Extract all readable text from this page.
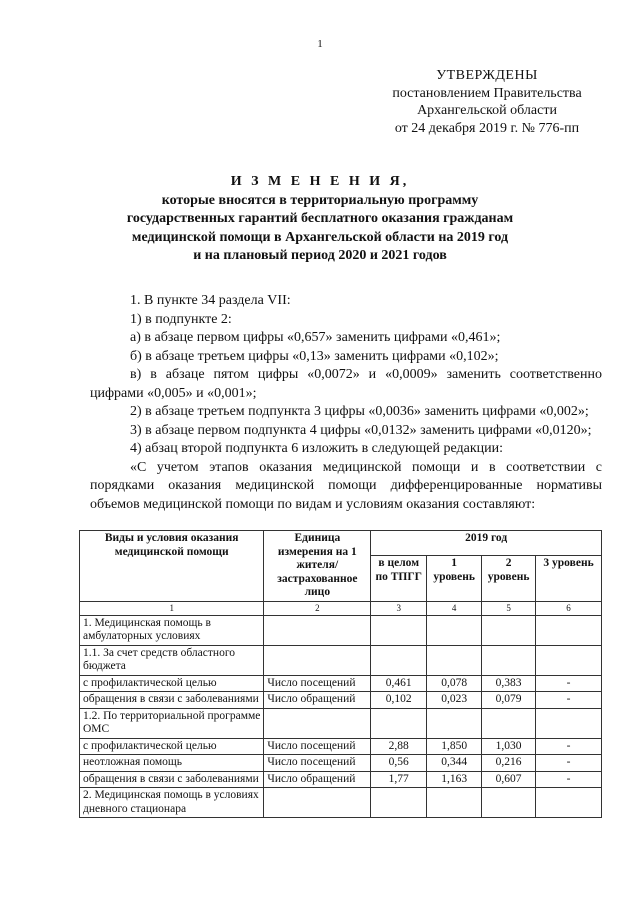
1
УТВЕРЖДЕНЫ
постановлением Правительства
Архангельской области
от 24 декабря 2019 г. № 776-пп
И З М Е Н Е Н И Я,
которые вносятся в территориальную программу
государственных гарантий бесплатного оказания гражданам
медицинской помощи в Архангельской области на 2019 год
и на плановый период 2020 и 2021 годов

1. В пункте 34 раздела VII:

1) в подпункте 2:

а) в абзаце первом цифры «0,657» заменить цифрами «0,461»;

б) в абзаце третьем цифры «0,13» заменить цифрами «0,102»;

в) в абзаце пятом цифры «0,0072» и «0,0009» заменить соответственно цифрами «0,005» и «0,001»;

2) в абзаце третьем подпункта 3 цифры «0,0036» заменить цифрами «0,002»;

3) в абзаце первом подпункта 4 цифры «0,0132» заменить цифрами «0,0120»;

4) абзац второй подпункта 6 изложить в следующей редакции:

«С учетом этапов оказания медицинской помощи и в соответствии с порядками оказания медицинской помощи дифференцированные нормативы объемов медицинской помощи по видам и условиям оказания составляют:

Виды и условия оказания медицинской помощи	Единица измерения на 1 жителя/ застрахованное лицо	2019 год			
		в целом по ТПГГ	1 уровень	2 уровень	3 уровень
1	2	3	4	5	6
1. Медицинская помощь в амбулаторных условиях					
1.1. За счет средств областного бюджета					
с профилактической целью	Число посещений	0,461	0,078	0,383	-
обращения в связи с заболеваниями	Число обращений	0,102	0,023	0,079	-
1.2. По территориальной программе ОМС					
с профилактической целью	Число посещений	2,88	1,850	1,030	-
неотложная помощь	Число посещений	0,56	0,344	0,216	-
обращения в связи с заболеваниями	Число обращений	1,77	1,163	0,607	-
2. Медицинская помощь в условиях дневного стационара					
